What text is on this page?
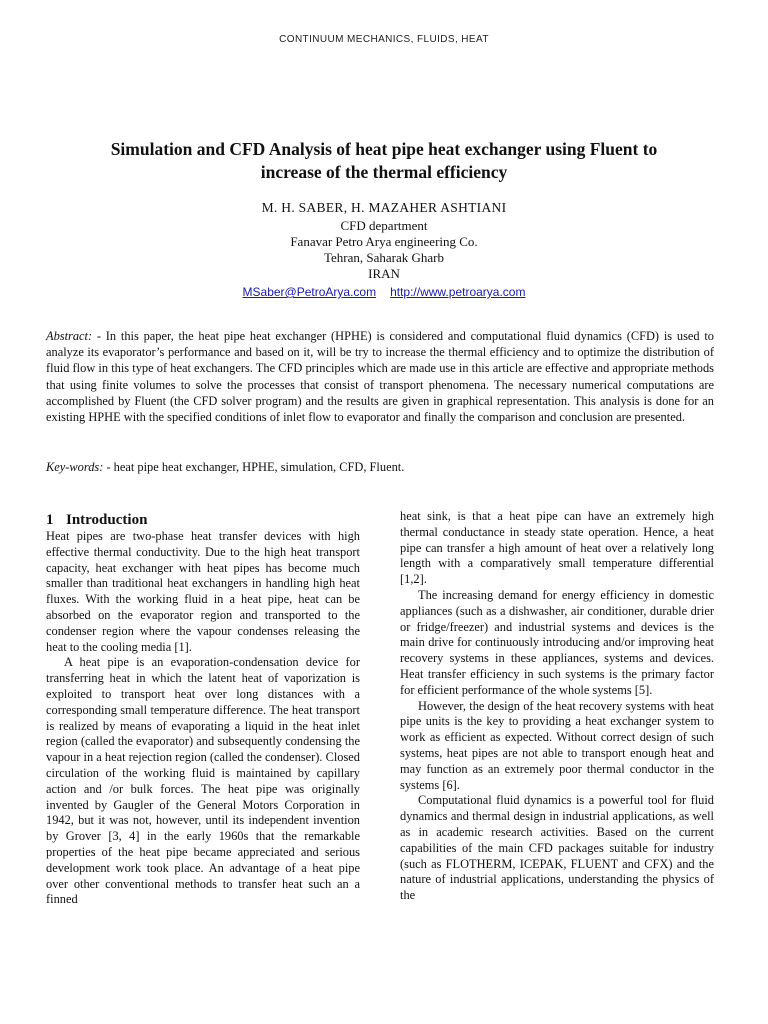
CONTINUUM MECHANICS, FLUIDS, HEAT
Simulation and CFD Analysis of heat pipe heat exchanger using Fluent to
increase of the thermal efficiency
M. H. SABER, H. MAZAHER ASHTIANI
CFD department
Fanavar Petro Arya engineering Co.
Tehran, Saharak Gharb
IRAN
MSaber@PetroArya.com http://www.petroarya.com
Abstract: - In this paper, the heat pipe heat exchanger (HPHE) is considered and computational fluid dynamics (CFD) is used to analyze its evaporator’s performance and based on it, will be try to increase the thermal efficiency and to optimize the distribution of fluid flow in this type of heat exchangers. The CFD principles which are made use in this article are effective and appropriate methods that using finite volumes to solve the processes that consist of transport phenomena. The necessary numerical computations are accomplished by Fluent (the CFD solver program) and the results are given in graphical representation. This analysis is done for an existing HPHE with the specified conditions of inlet flow to evaporator and finally the comparison and conclusion are presented.
Key-words: - heat pipe heat exchanger, HPHE, simulation, CFD, Fluent.
1 Introduction

Heat pipes are two-phase heat transfer devices with high effective thermal conductivity. Due to the high heat transport capacity, heat exchanger with heat pipes has become much smaller than traditional heat exchangers in handling high heat fluxes. With the working fluid in a heat pipe, heat can be absorbed on the evaporator region and transported to the condenser region where the vapour condenses releasing the heat to the cooling media [1].

A heat pipe is an evaporation-condensation device for transferring heat in which the latent heat of vaporization is exploited to transport heat over long distances with a corresponding small temperature difference. The heat transport is realized by means of evaporating a liquid in the heat inlet region (called the evaporator) and subsequently condensing the vapour in a heat rejection region (called the condenser). Closed circulation of the working fluid is maintained by capillary action and /or bulk forces. The heat pipe was originally invented by Gaugler of the General Motors Corporation in 1942, but it was not, however, until its independent invention by Grover [3, 4] in the early 1960s that the remarkable properties of the heat pipe became appreciated and serious development work took place. An advantage of a heat pipe over other conventional methods to transfer heat such an a finned

heat sink, is that a heat pipe can have an extremely high thermal conductance in steady state operation. Hence, a heat pipe can transfer a high amount of heat over a relatively long length with a comparatively small temperature differential [1,2].

The increasing demand for energy efficiency in domestic appliances (such as a dishwasher, air conditioner, durable drier or fridge/freezer) and industrial systems and devices is the main drive for continuously introducing and/or improving heat recovery systems in these appliances, systems and devices. Heat transfer efficiency in such systems is the primary factor for efficient performance of the whole systems [5].

However, the design of the heat recovery systems with heat pipe units is the key to providing a heat exchanger system to work as efficient as expected. Without correct design of such systems, heat pipes are not able to transport enough heat and may function as an extremely poor thermal conductor in the systems [6].

Computational fluid dynamics is a powerful tool for fluid dynamics and thermal design in industrial applications, as well as in academic research activities. Based on the current capabilities of the main CFD packages suitable for industry (such as FLOTHERM, ICEPAK, FLUENT and CFX) and the nature of industrial applications, understanding the physics of the
